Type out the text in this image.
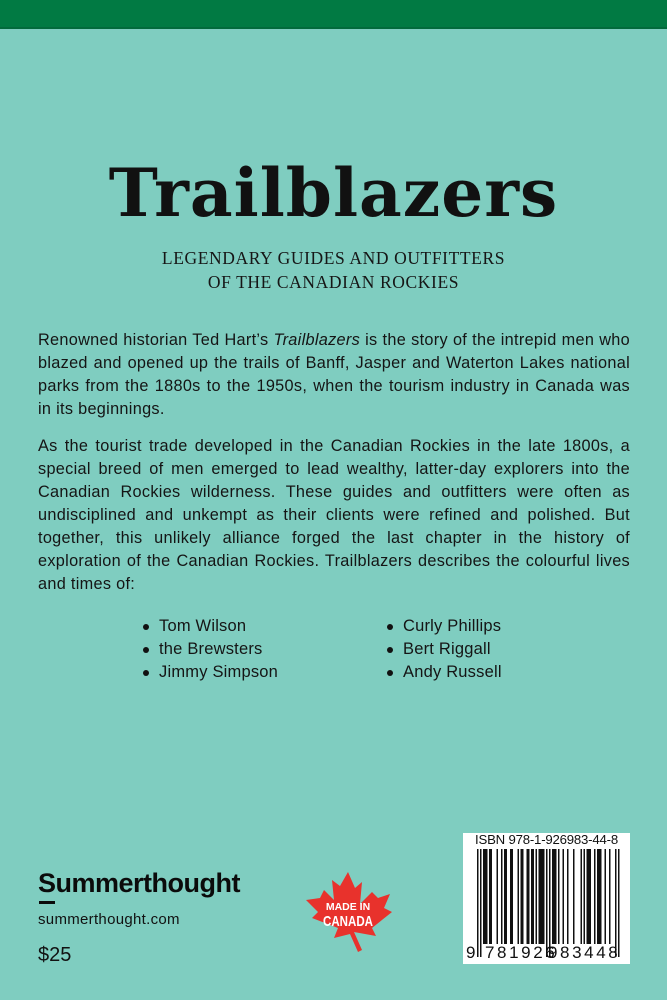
Trailblazers
LEGENDARY GUIDES AND OUTFITTERS
OF THE CANADIAN ROCKIES

Renowned historian Ted Hart’s Trailblazers is the story of the intrepid men who blazed and opened up the trails of Banff, Jasper and Waterton Lakes national parks from the 1880s to the 1950s, when the tourism industry in Canada was in its beginnings.

As the tourist trade developed in the Canadian Rockies in the late 1800s, a special breed of men emerged to lead wealthy, latter-day explorers into the Canadian Rockies wilderness. These guides and outfitters were often as undisciplined and unkempt as their clients were refined and polished. But together, this unlikely alliance forged the last chapter in the history of exploration of the Canadian Rockies. Trailblazers describes the colourful lives and times of:

Tom Wilson
the Brewsters
Jimmy Simpson
Curly Phillips
Bert Riggall
Andy Russell
Summerthought
summerthought.com
$25
MADE IN
CANADA
ISBN 978-1-926983-44-8
9 781926
983448
